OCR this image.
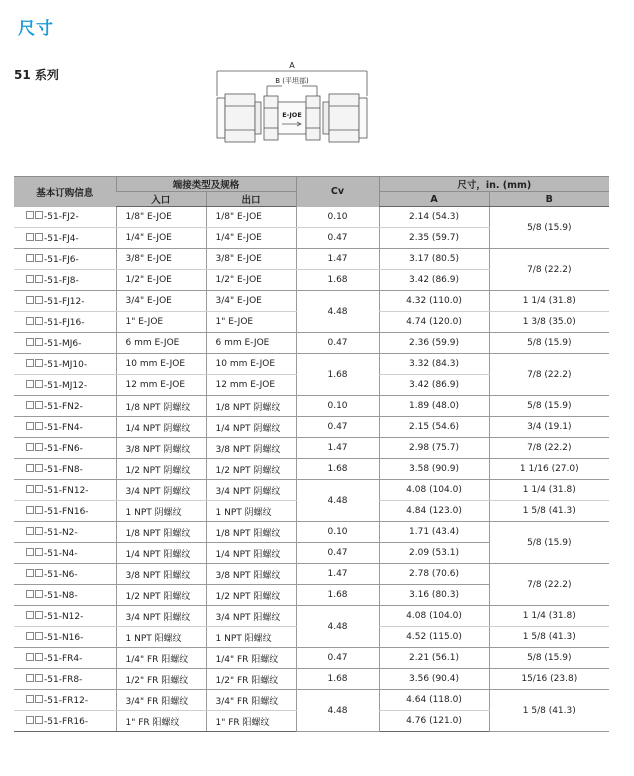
尺寸
51 系列
A
B (平坦部)
E-JOE
基本订购信息	端接类型及规格		Cv	尺寸，in. (mm)	
	入口	出口		A	B
-51-FJ2-	1/8" E-JOE	1/8" E-JOE	0.10	2.14 (54.3)	5/8 (15.9)
-51-FJ4-	1/4" E-JOE	1/4" E-JOE	0.47	2.35 (59.7)	
-51-FJ6-	3/8" E-JOE	3/8" E-JOE	1.47	3.17 (80.5)	7/8 (22.2)
-51-FJ8-	1/2" E-JOE	1/2" E-JOE	1.68	3.42 (86.9)	
-51-FJ12-	3/4" E-JOE	3/4" E-JOE	4.48	4.32 (110.0)	1 1/4 (31.8)
-51-FJ16-	1" E-JOE	1" E-JOE		4.74 (120.0)	1 3/8 (35.0)
-51-MJ6-	6 mm E-JOE	6 mm E-JOE	0.47	2.36 (59.9)	5/8 (15.9)
-51-MJ10-	10 mm E-JOE	10 mm E-JOE	1.68	3.32 (84.3)	7/8 (22.2)
-51-MJ12-	12 mm E-JOE	12 mm E-JOE		3.42 (86.9)	
-51-FN2-	1/8 NPT 阴螺纹	1/8 NPT 阴螺纹	0.10	1.89 (48.0)	5/8 (15.9)
-51-FN4-	1/4 NPT 阴螺纹	1/4 NPT 阴螺纹	0.47	2.15 (54.6)	3/4 (19.1)
-51-FN6-	3/8 NPT 阴螺纹	3/8 NPT 阴螺纹	1.47	2.98 (75.7)	7/8 (22.2)
-51-FN8-	1/2 NPT 阴螺纹	1/2 NPT 阴螺纹	1.68	3.58 (90.9)	1 1/16 (27.0)
-51-FN12-	3/4 NPT 阴螺纹	3/4 NPT 阴螺纹	4.48	4.08 (104.0)	1 1/4 (31.8)
-51-FN16-	1 NPT 阴螺纹	1 NPT 阴螺纹		4.84 (123.0)	1 5/8 (41.3)
-51-N2-	1/8 NPT 阳螺纹	1/8 NPT 阳螺纹	0.10	1.71 (43.4)	5/8 (15.9)
-51-N4-	1/4 NPT 阳螺纹	1/4 NPT 阳螺纹	0.47	2.09 (53.1)	
-51-N6-	3/8 NPT 阳螺纹	3/8 NPT 阳螺纹	1.47	2.78 (70.6)	7/8 (22.2)
-51-N8-	1/2 NPT 阳螺纹	1/2 NPT 阳螺纹	1.68	3.16 (80.3)	
-51-N12-	3/4 NPT 阳螺纹	3/4 NPT 阳螺纹	4.48	4.08 (104.0)	1 1/4 (31.8)
-51-N16-	1 NPT 阳螺纹	1 NPT 阳螺纹		4.52 (115.0)	1 5/8 (41.3)
-51-FR4-	1/4" FR 阳螺纹	1/4" FR 阳螺纹	0.47	2.21 (56.1)	5/8 (15.9)
-51-FR8-	1/2" FR 阳螺纹	1/2" FR 阳螺纹	1.68	3.56 (90.4)	15/16 (23.8)
-51-FR12-	3/4" FR 阳螺纹	3/4" FR 阳螺纹	4.48	4.64 (118.0)	1 5/8 (41.3)
-51-FR16-	1" FR 阳螺纹	1" FR 阳螺纹		4.76 (121.0)	
